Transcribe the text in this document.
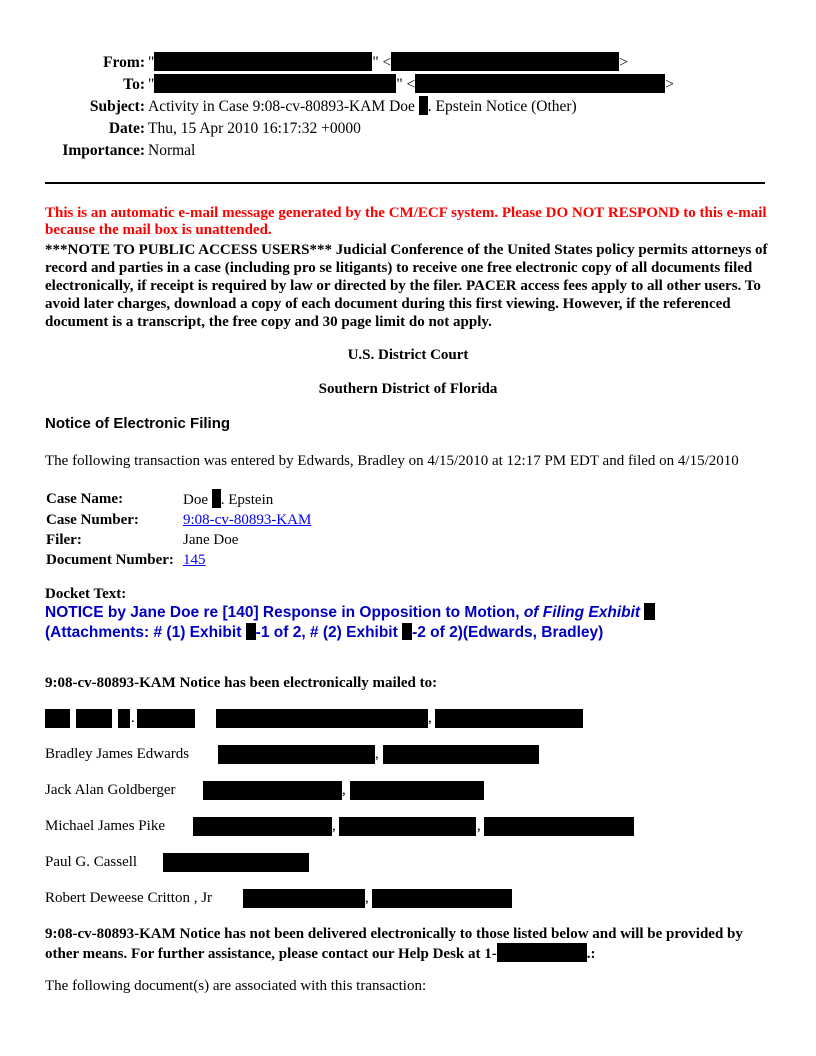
From: "	" <	>
To: "	" <	>
Subject: Activity in Case 9:08-cv-80893-KAM Doe . Epstein Notice (Other)
Date: Thu, 15 Apr 2010 16:17:32 +0000
Importance: Normal
This is an automatic e-mail message generated by the CM/ECF system. Please DO NOT RESPOND to this e-mail because the mail box is unattended.
***NOTE TO PUBLIC ACCESS USERS*** Judicial Conference of the United States policy permits attorneys of record and parties in a case (including pro se litigants) to receive one free electronic copy of all documents filed electronically, if receipt is required by law or directed by the filer. PACER access fees apply to all other users. To avoid later charges, download a copy of each document during this first viewing. However, if the referenced document is a transcript, the free copy and 30 page limit do not apply.
U.S. District Court
Southern District of Florida
Notice of Electronic Filing
The following transaction was entered by Edwards, Bradley on 4/15/2010 at 12:17 PM EDT and filed on 4/15/2010
Case Name:	Doe . Epstein
Case Number:	9:08-cv-80893-KAM
Filer:	Jane Doe
Document Number:	145
Docket Text:
NOTICE by Jane Doe re [140] Response in Opposition to Motion, of Filing Exhibit
(Attachments: # (1) Exhibit -1 of 2, # (2) Exhibit -2 of 2)(Edwards, Bradley)
9:08-cv-80893-KAM Notice has been electronically mailed to:
.	,
Bradley James Edwards	,
Jack Alan Goldberger	,
Michael James Pike	,	,
Paul G. Cassell
Robert Deweese Critton , Jr	,
9:08-cv-80893-KAM Notice has not been delivered electronically to those listed below and will be provided by other means. For further assistance, please contact our Help Desk at 1-	.:
The following document(s) are associated with this transaction:
